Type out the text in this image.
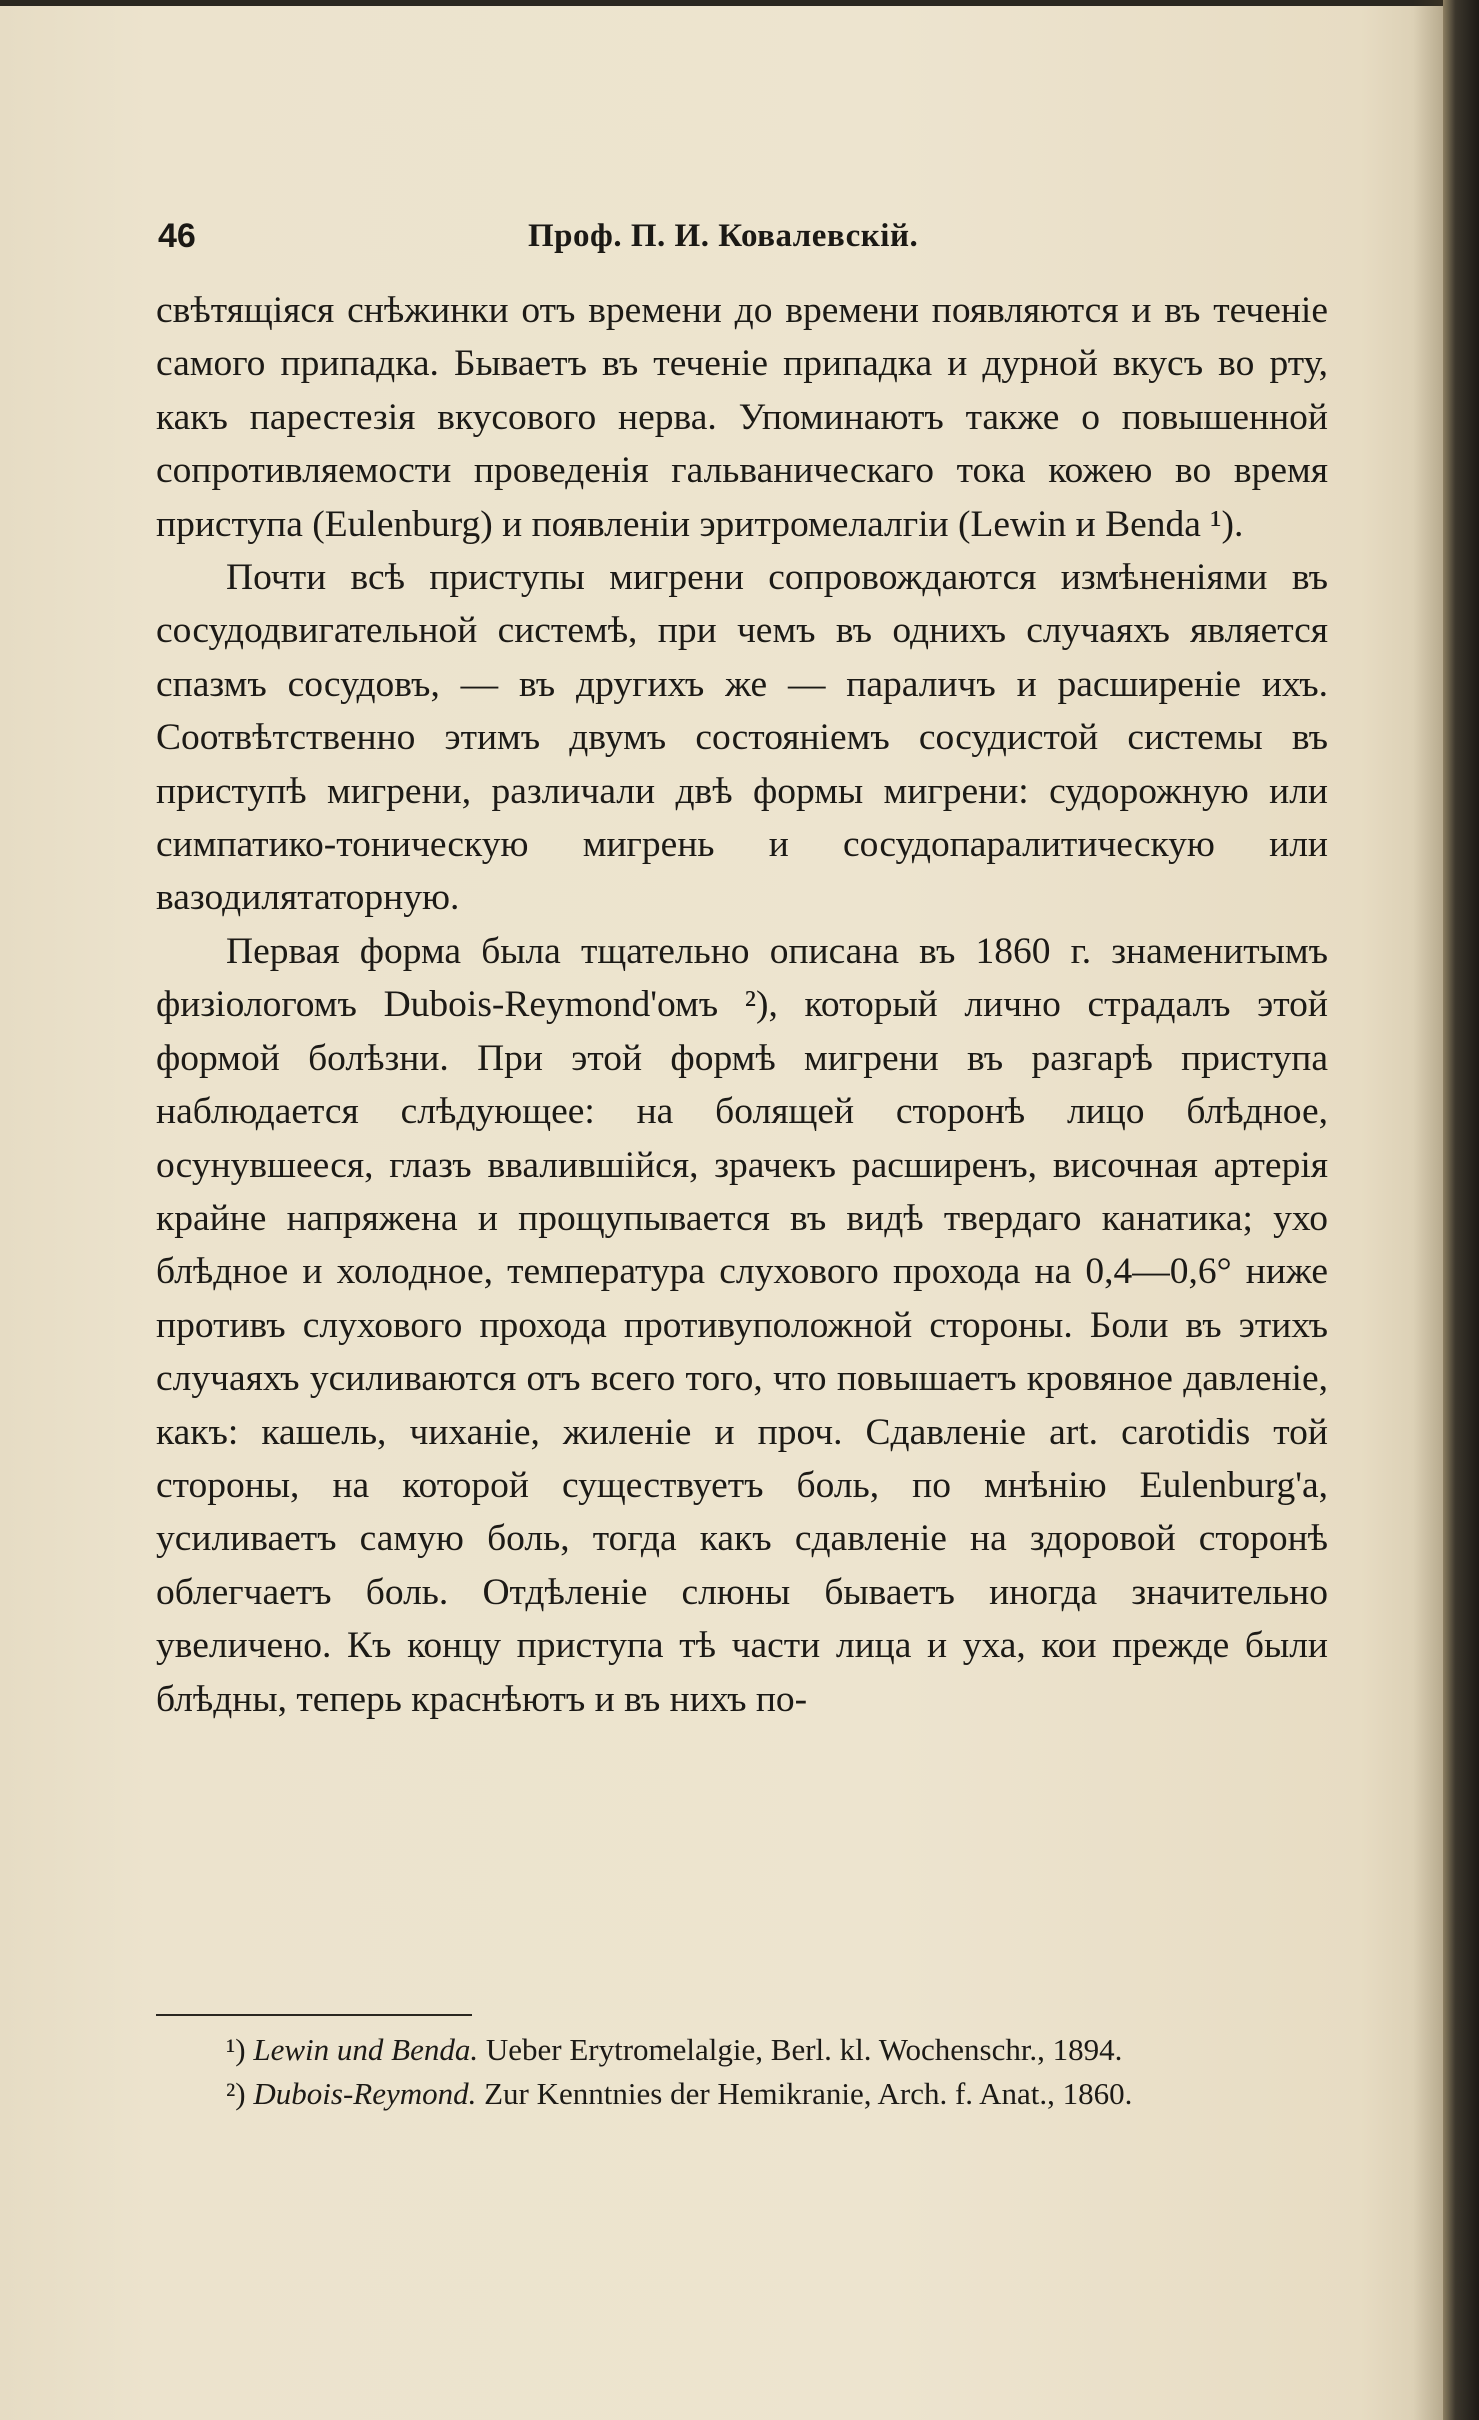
46	Проф. П. И. Ковалевскій.

свѣтящіяся снѣжинки отъ времени до времени появляются и въ теченіе самого припадка. Бываетъ въ теченіе припадка и дурной вкусъ во рту, какъ парестезія вкусового нерва. Упоминаютъ также о повышенной сопротивляемости проведенія гальваническаго тока кожею во время приступа (Eulenburg) и появленіи эритромелалгіи (Lewin и Benda ¹).

Почти всѣ приступы мигрени сопровождаются измѣненіями въ сосудодвигательной системѣ, при чемъ въ однихъ случаяхъ является спазмъ сосудовъ, — въ другихъ же — параличъ и расширеніе ихъ. Соотвѣтственно этимъ двумъ состояніемъ сосудистой системы въ приступѣ мигрени, различали двѣ формы мигрени: судорожную или симпатико-тоническую мигрень и сосудопаралитическую или вазодилятаторную.

Первая форма была тщательно описана въ 1860 г. знаменитымъ физіологомъ Dubois-Reymond'омъ ²), который лично страдалъ этой формой болѣзни. При этой формѣ мигрени въ разгарѣ приступа наблюдается слѣдующее: на болящей сторонѣ лицо блѣдное, осунувшееся, глазъ ввалившійся, зрачекъ расширенъ, височная артерія крайне напряжена и прощупывается въ видѣ твердаго канатика; ухо блѣдное и холодное, температура слухового прохода на 0,4—0,6° ниже противъ слухового прохода противуположной стороны. Боли въ этихъ случаяхъ усиливаются отъ всего того, что повышаетъ кровяное давленіе, какъ: кашель, чиханіе, жиленіе и проч. Сдавленіе art. carotidis той стороны, на которой существуетъ боль, по мнѣнію Eulenburg'а, усиливаетъ самую боль, тогда какъ сдавленіе на здоровой сторонѣ облегчаетъ боль. Отдѣленіе слюны бываетъ иногда значительно увеличено. Къ концу приступа тѣ части лица и уха, кои прежде были блѣдны, теперь краснѣютъ и въ нихъ по-

¹) Lewin und Benda. Ueber Erytromelalgie, Berl. kl. Wochenschr., 1894.

²) Dubois-Reymond. Zur Kenntnies der Hemikranie, Arch. f. Anat., 1860.
